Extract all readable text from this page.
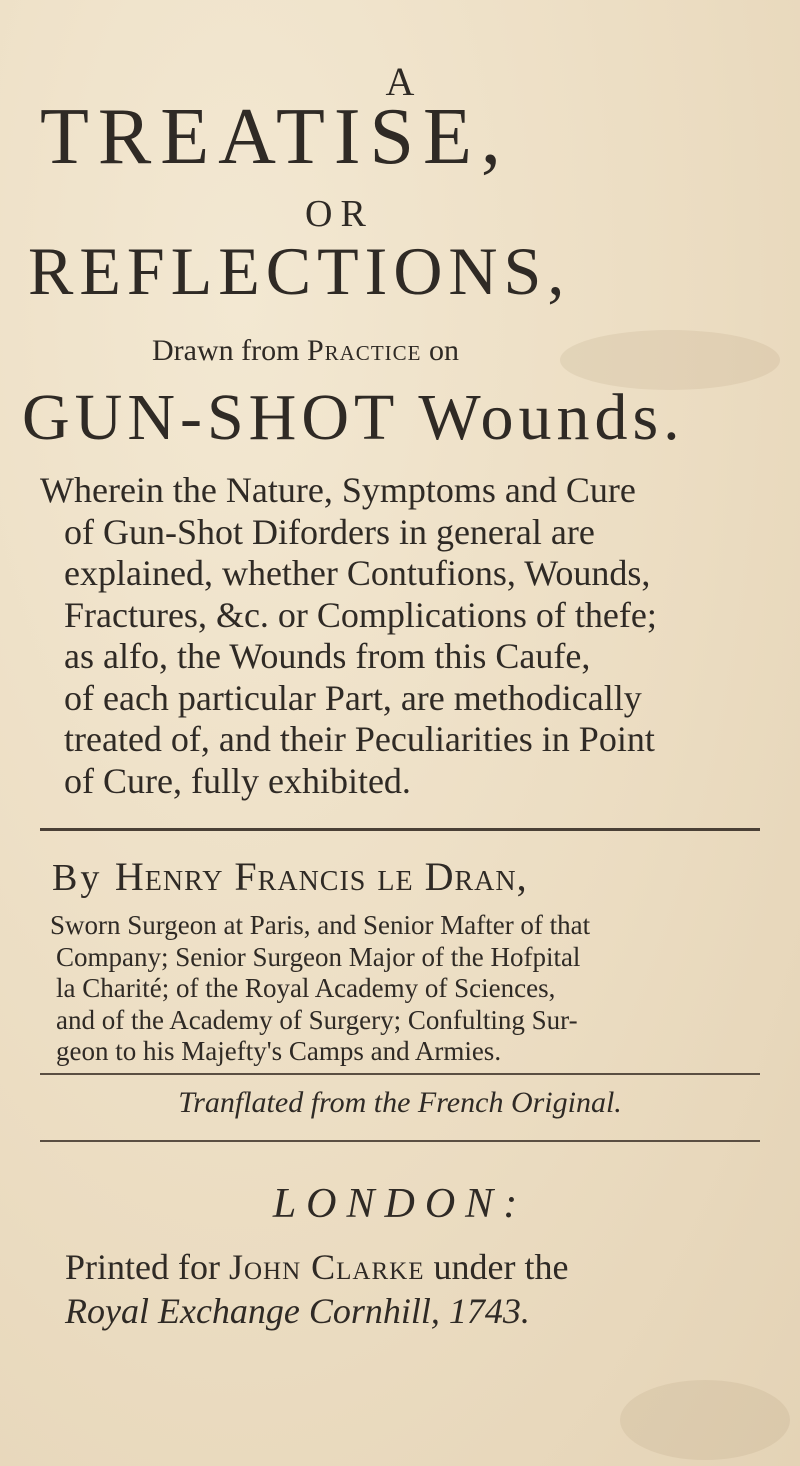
A
TREATISE,
OR
REFLECTIONS,
Drawn from Practice on
GUN-SHOT Wounds.
Wherein the Nature, Symptoms and Cure
of Gun-Shot Diforders in general are
explained, whether Contufions, Wounds,
Fractures, &c. or Complications of thefe;
as alfo, the Wounds from this Caufe,
of each particular Part, are methodically
treated of, and their Peculiarities in Point
of Cure, fully exhibited.
By Henry Francis le Dran,
Sworn Surgeon at Paris, and Senior Mafter of that
Company; Senior Surgeon Major of the Hofpital
la Charité; of the Royal Academy of Sciences,
and of the Academy of Surgery; Confulting Sur-
geon to his Majefty's Camps and Armies.
Tranflated from the French Original.
LONDON:
Printed for John Clarke under the
Royal Exchange Cornhill, 1743.
